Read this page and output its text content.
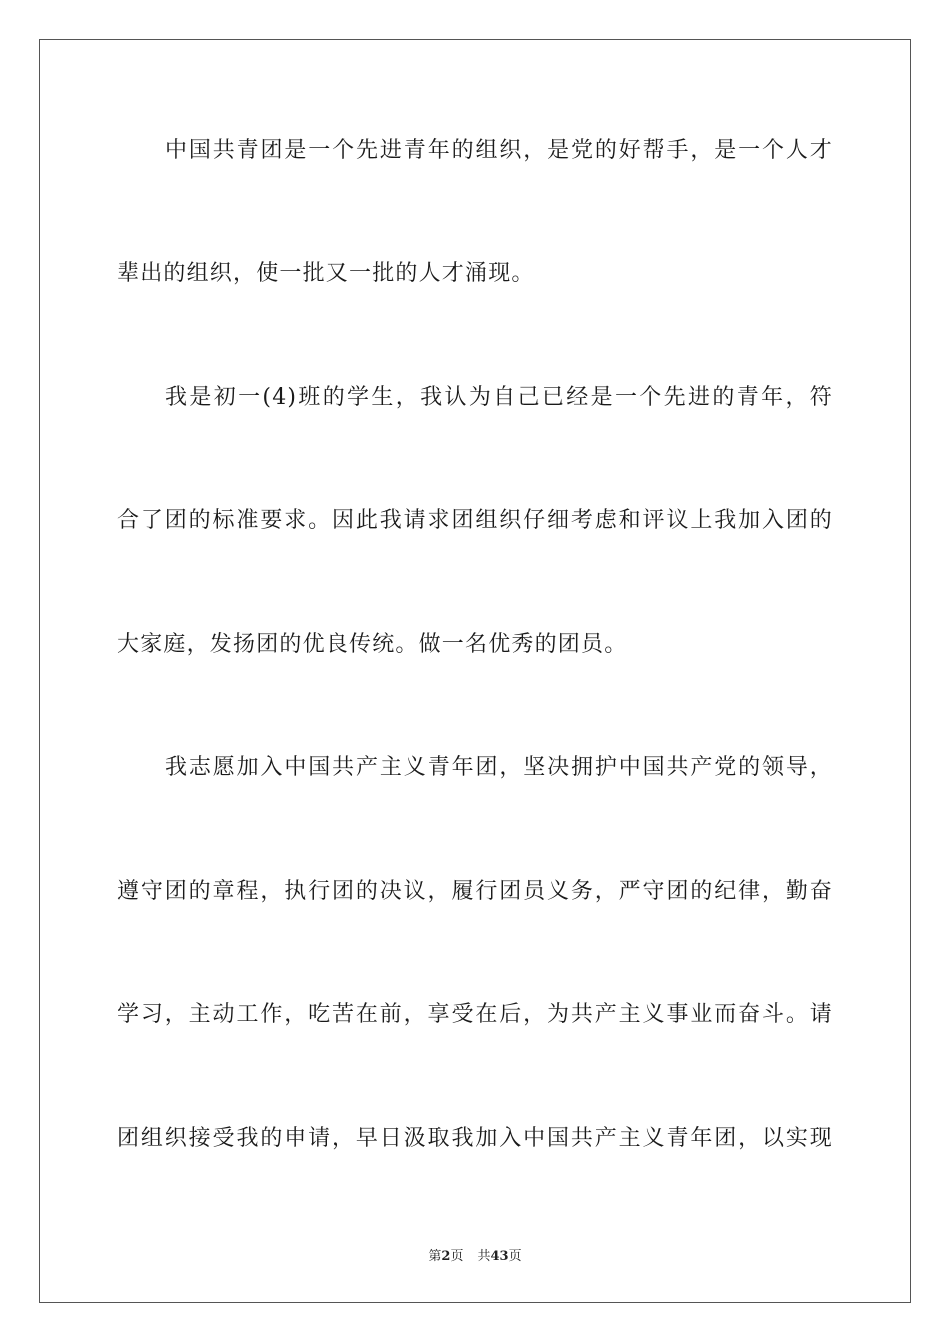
中国共青团是一个先进青年的组织，是党的好帮手，是一个人才
辈出的组织，使一批又一批的人才涌现。
我是初一(4)班的学生，我认为自己已经是一个先进的青年，符
合了团的标准要求。因此我请求团组织仔细考虑和评议上我加入团的
大家庭，发扬团的优良传统。做一名优秀的团员。
我志愿加入中国共产主义青年团，坚决拥护中国共产党的领导，
遵守团的章程，执行团的决议，履行团员义务，严守团的纪律，勤奋
学习，主动工作，吃苦在前，享受在后，为共产主义事业而奋斗。请
团组织接受我的申请，早日汲取我加入中国共产主义青年团，以实现
第2页 共43页
